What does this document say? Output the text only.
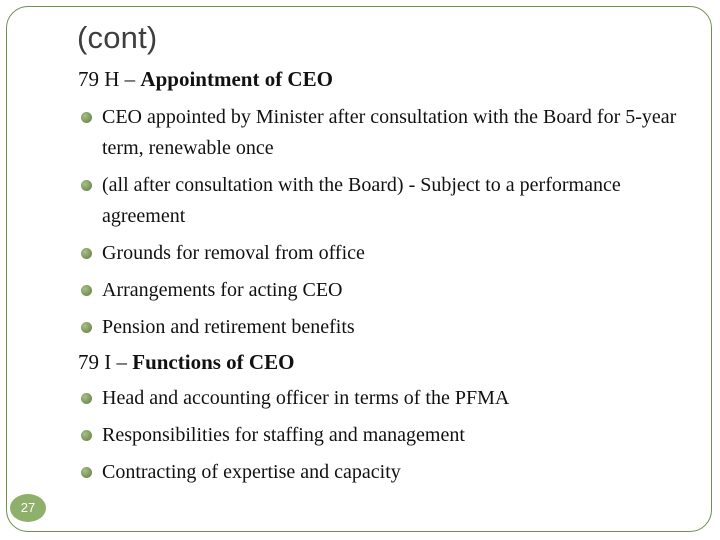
(cont)
79 H – Appointment of CEO
CEO appointed by Minister after consultation with the Board for 5-year term, renewable once
(all after consultation with the Board) - Subject to a performance agreement
Grounds for removal from office
Arrangements for acting CEO
Pension and retirement benefits
79 I – Functions of CEO
Head and accounting officer in terms of the PFMA
Responsibilities for staffing and management
Contracting of expertise and capacity
27
